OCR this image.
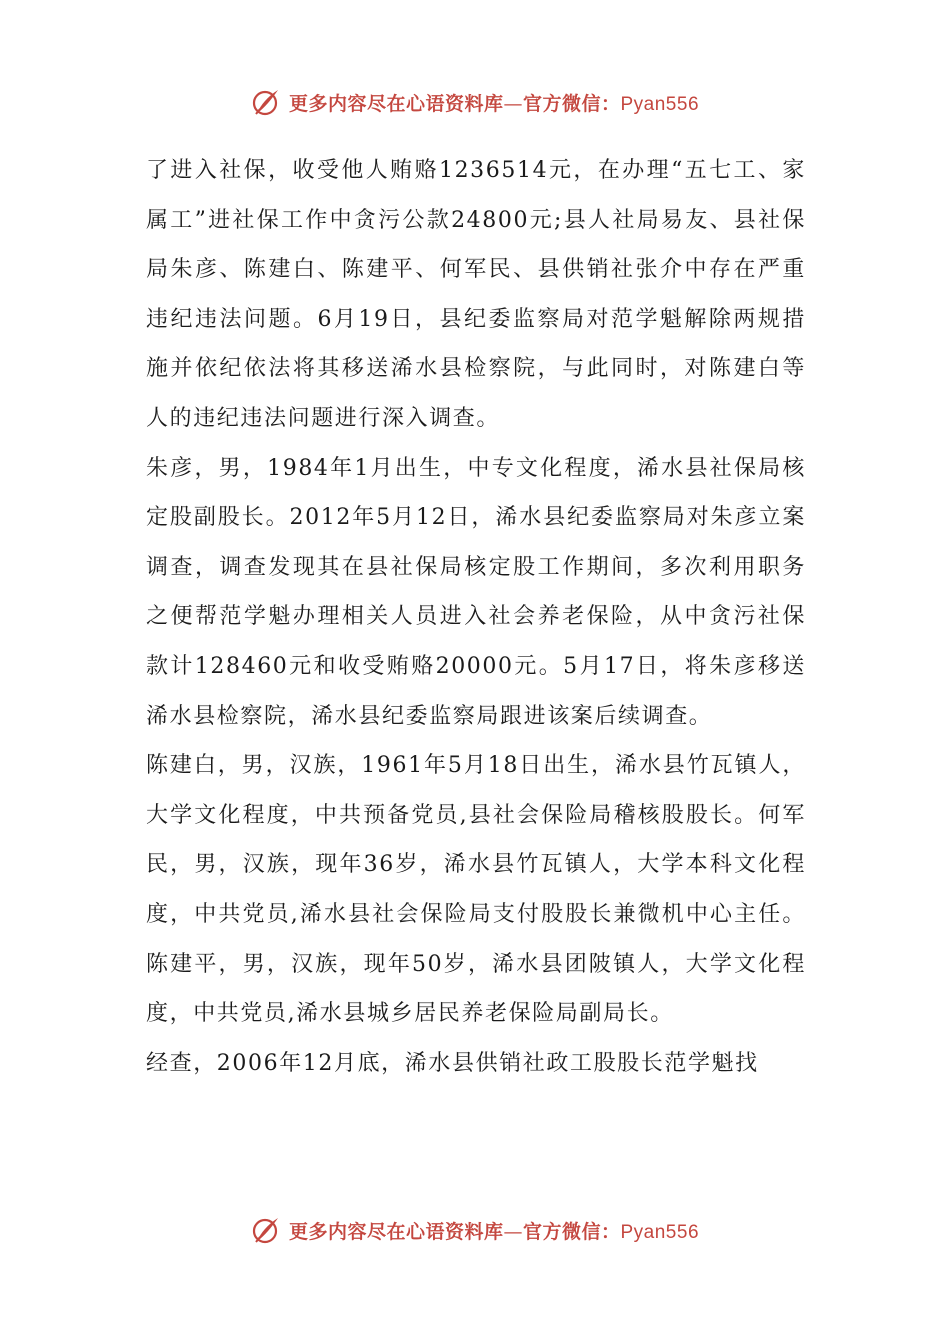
更多内容尽在心语资料库—官方微信：Pyan556

了进入社保，收受他人贿赂1236514元，在办理“五七工、家属工”进社保工作中贪污公款24800元;县人社局易友、县社保局朱彦、陈建白、陈建平、何军民、县供销社张介中存在严重违纪违法问题。6月19日，县纪委监察局对范学魁解除两规措施并依纪依法将其移送浠水县检察院，与此同时，对陈建白等人的违纪违法问题进行深入调查。

朱彦，男，1984年1月出生，中专文化程度，浠水县社保局核定股副股长。2012年5月12日，浠水县纪委监察局对朱彦立案调查，调查发现其在县社保局核定股工作期间，多次利用职务之便帮范学魁办理相关人员进入社会养老保险，从中贪污社保款计128460元和收受贿赂20000元。5月17日，将朱彦移送浠水县检察院，浠水县纪委监察局跟进该案后续调查。

陈建白，男，汉族，1961年5月18日出生，浠水县竹瓦镇人，大学文化程度，中共预备党员,县社会保险局稽核股股长。何军民，男，汉族，现年36岁，浠水县竹瓦镇人，大学本科文化程度，中共党员,浠水县社会保险局支付股股长兼微机中心主任。陈建平，男，汉族，现年50岁，浠水县团陂镇人，大学文化程度，中共党员,浠水县城乡居民养老保险局副局长。

经查，2006年12月底，浠水县供销社政工股股长范学魁找

更多内容尽在心语资料库—官方微信：Pyan556
